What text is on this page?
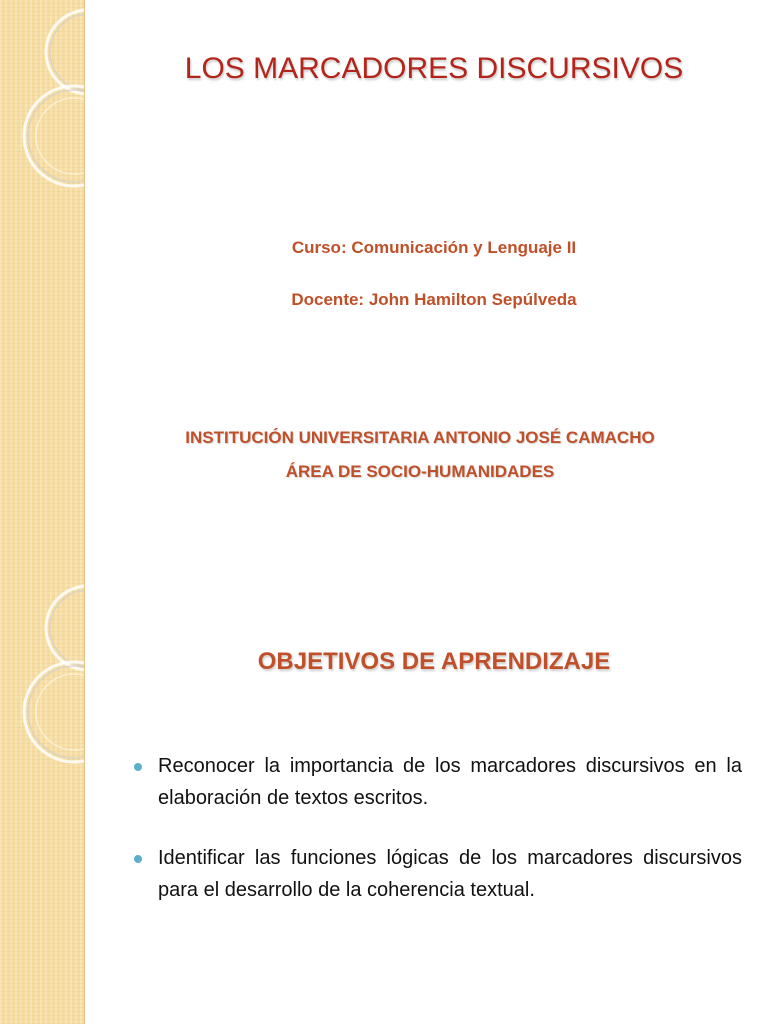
LOS MARCADORES DISCURSIVOS
Curso: Comunicación y Lenguaje II
Docente: John Hamilton Sepúlveda
INSTITUCIÓN UNIVERSITARIA ANTONIO JOSÉ CAMACHO
ÁREA DE SOCIO-HUMANIDADES
OBJETIVOS DE APRENDIZAJE
Reconocer la importancia de los marcadores discursivos en la elaboración de textos escritos.
Identificar las funciones lógicas de los marcadores discursivos para el desarrollo de la coherencia textual.
